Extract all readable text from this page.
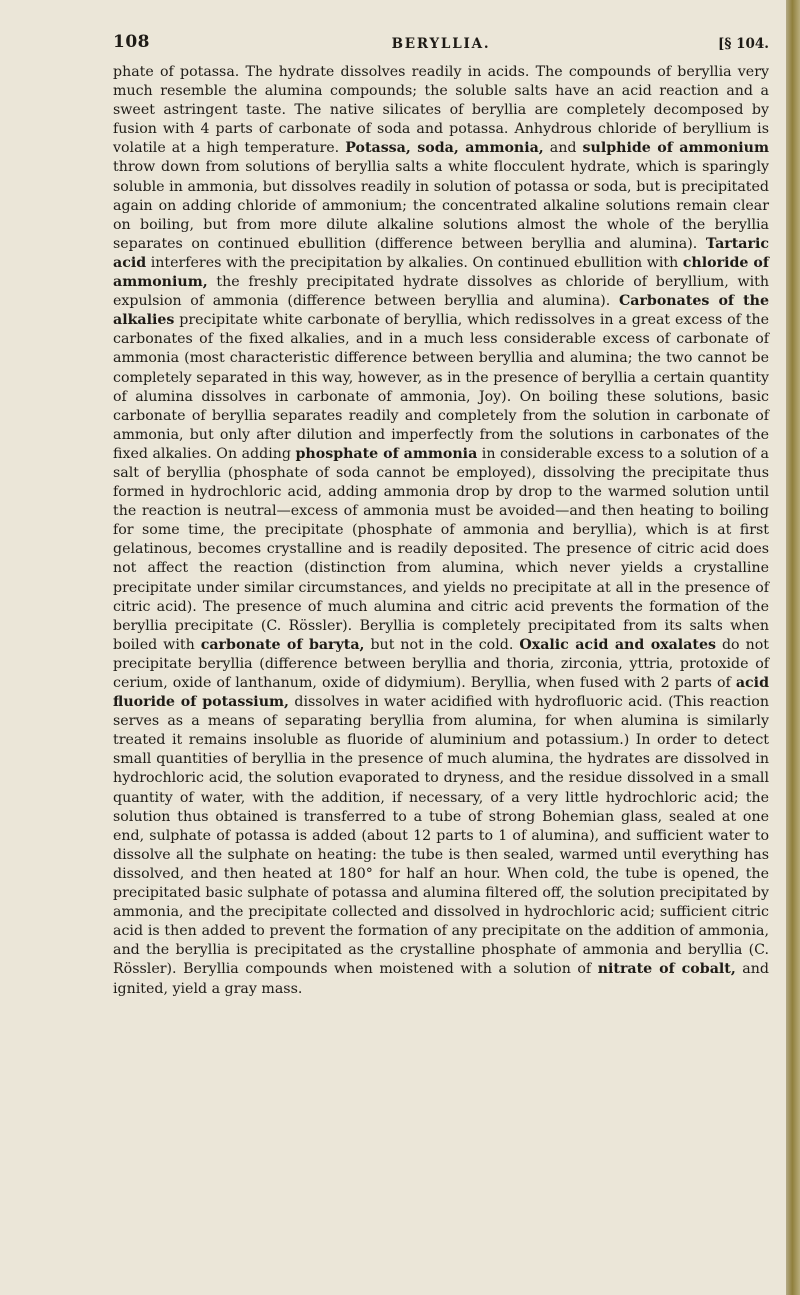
108	BERYLLIA.	[§ 104.

phate of potassa. The hydrate dissolves readily in acids. The compounds of beryllia very much resemble the alumina compounds; the soluble salts have an acid reaction and a sweet astringent taste. The native silicates of beryllia are completely decomposed by fusion with 4 parts of carbonate of soda and potassa. Anhydrous chloride of beryllium is volatile at a high temperature. Potassa, soda, ammonia, and sulphide of ammonium throw down from solutions of beryllia salts a white flocculent hydrate, which is sparingly soluble in ammonia, but dissolves readily in solution of potassa or soda, but is precipitated again on adding chloride of ammonium; the concentrated alkaline solutions remain clear on boiling, but from more dilute alkaline solutions almost the whole of the beryllia separates on continued ebullition (difference between beryllia and alumina). Tartaric acid interferes with the precipitation by alkalies. On continued ebullition with chloride of ammonium, the freshly precipitated hydrate dissolves as chloride of beryllium, with expulsion of ammonia (difference between beryllia and alumina). Carbonates of the alkalies precipitate white carbonate of beryllia, which redissolves in a great excess of the carbonates of the fixed alkalies, and in a much less considerable excess of carbonate of ammonia (most characteristic difference between beryllia and alumina; the two cannot be completely separated in this way, however, as in the presence of beryllia a certain quantity of alumina dissolves in carbonate of ammonia, Joy). On boiling these solutions, basic carbonate of beryllia separates readily and completely from the solution in carbonate of ammonia, but only after dilution and imperfectly from the solutions in carbonates of the fixed alkalies. On adding phosphate of ammonia in considerable excess to a solution of a salt of beryllia (phosphate of soda cannot be employed), dissolving the precipitate thus formed in hydrochloric acid, adding ammonia drop by drop to the warmed solution until the reaction is neutral—excess of ammonia must be avoided—and then heating to boiling for some time, the precipitate (phosphate of ammonia and beryllia), which is at first gelatinous, becomes crystalline and is readily deposited. The presence of citric acid does not affect the reaction (distinction from alumina, which never yields a crystalline precipitate under similar circumstances, and yields no precipitate at all in the presence of citric acid). The presence of much alumina and citric acid prevents the formation of the beryllia precipitate (C. Rössler). Beryllia is completely precipitated from its salts when boiled with carbonate of baryta, but not in the cold. Oxalic acid and oxalates do not precipitate beryllia (difference between beryllia and thoria, zirconia, yttria, protoxide of cerium, oxide of lanthanum, oxide of didymium). Beryllia, when fused with 2 parts of acid fluoride of potassium, dissolves in water acidified with hydrofluoric acid. (This reaction serves as a means of separating beryllia from alumina, for when alumina is similarly treated it remains insoluble as fluoride of aluminium and potassium.) In order to detect small quantities of beryllia in the presence of much alumina, the hydrates are dissolved in hydrochloric acid, the solution evaporated to dryness, and the residue dissolved in a small quantity of water, with the addition, if necessary, of a very little hydrochloric acid; the solution thus obtained is transferred to a tube of strong Bohemian glass, sealed at one end, sulphate of potassa is added (about 12 parts to 1 of alumina), and sufficient water to dissolve all the sulphate on heating: the tube is then sealed, warmed until everything has dissolved, and then heated at 180° for half an hour. When cold, the tube is opened, the precipitated basic sulphate of potassa and alumina filtered off, the solution precipitated by ammonia, and the precipitate collected and dissolved in hydrochloric acid; sufficient citric acid is then added to prevent the formation of any precipitate on the addition of ammonia, and the beryllia is precipitated as the crystalline phosphate of ammonia and beryllia (C. Rössler). Beryllia compounds when moistened with a solution of nitrate of cobalt, and ignited, yield a gray mass.
